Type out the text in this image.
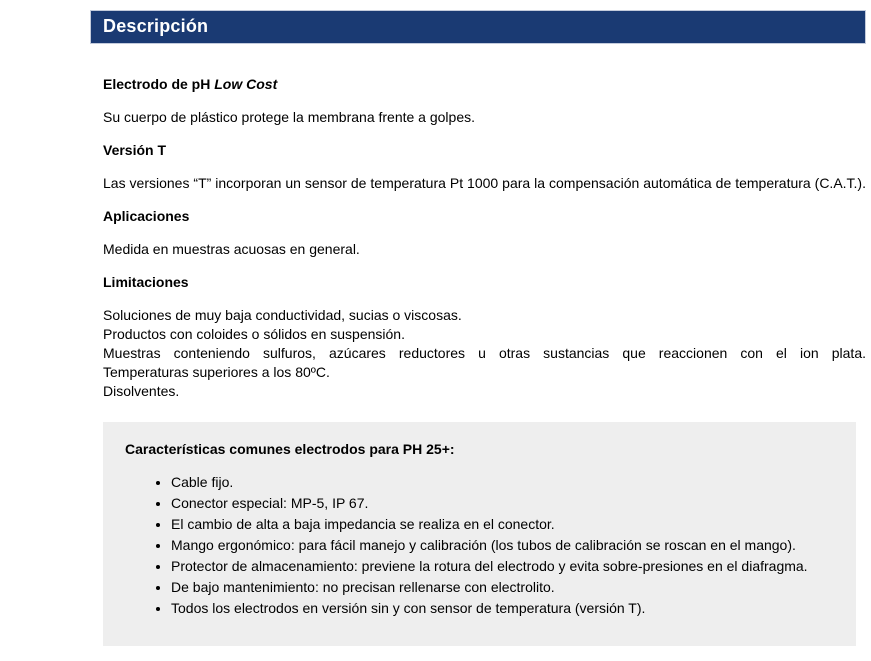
Descripción
Electrodo de pH Low Cost
Su cuerpo de plástico protege la membrana frente a golpes.
Versión T
Las versiones “T” incorporan un sensor de temperatura Pt 1000 para la compensación automática de temperatura (C.A.T.).
Aplicaciones
Medida en muestras acuosas en general.
Limitaciones
Soluciones de muy baja conductividad, sucias o viscosas.
Productos con coloides o sólidos en suspensión.
Muestras conteniendo sulfuros, azúcares reductores u otras sustancias que reaccionen con el ion plata.
Temperaturas superiores a los 80ºC.
Disolventes.
Características comunes electrodos para PH 25+:
• Cable fijo.
• Conector especial: MP-5, IP 67.
• El cambio de alta a baja impedancia se realiza en el conector.
• Mango ergonómico: para fácil manejo y calibración (los tubos de calibración se roscan en el mango).
• Protector de almacenamiento: previene la rotura del electrodo y evita sobre-presiones en el diafragma.
• De bajo mantenimiento: no precisan rellenarse con electrolito.
• Todos los electrodos en versión sin y con sensor de temperatura (versión T).
